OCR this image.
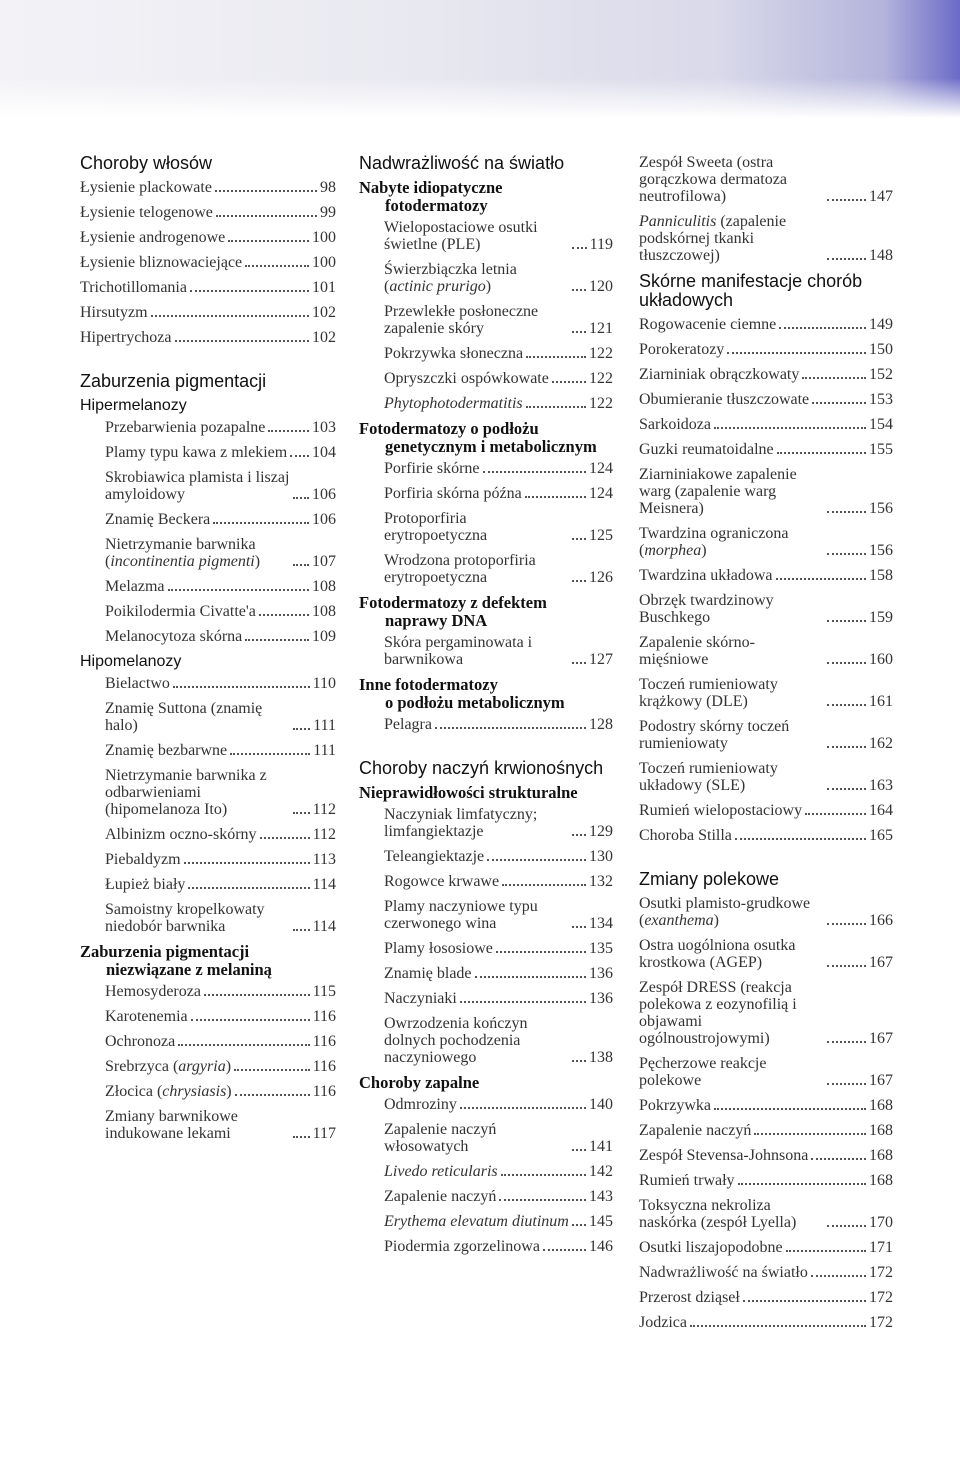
Choroby włosów
Łysienie plackowate	98
Łysienie telogenowe	99
Łysienie androgenowe	100
Łysienie bliznowaciejące	100
Trichotillomania	101
Hirsutyzm	102
Hipertrychoza	102
Zaburzenia pigmentacji
Hipermelanozy
Przebarwienia pozapalne	103
Plamy typu kawa z mlekiem 104
Skrobiawica plamista i liszaj amyloidowy	106
Znamię Beckera	106
Nietrzymanie barwnika (incontinentia pigmenti)	107
Melazma	108
Poikilodermia Civatte'a	108
Melanocytoza skórna	109
Hipomelanozy
Bielactwo	110
Znamię Suttona (znamię halo)	111
Znamię bezbarwne	111
Nietrzymanie barwnika z odbarwieniami (hipomelanoza Ito)	112
Albinizm oczno-skórny	112
Piebaldyzm	113
Łupież biały	114
Samoistny kropelkowaty niedobór barwnika	114
Zaburzenia pigmentacji
niezwiązane z melaniną
Hemosyderoza	115
Karotenemia	116
Ochronoza	116
Srebrzyca (argyria)	116
Złocica (chrysiasis)	116
Zmiany barwnikowe indukowane lekami	117
Nadwrażliwość na światło
Nabyte idiopatyczne
fotodermatozy
Wielopostaciowe osutki świetlne (PLE)	119
Świerzbiączka letnia (actinic prurigo)	120
Przewlekłe posłoneczne zapalenie skóry	121
Pokrzywka słoneczna	122
Opryszczki ospówkowate	122
Phytophotodermatitis	122
Fotodermatozy o podłożu
genetycznym i metabolicznym
Porfirie skórne	124
Porfiria skórna późna	124
Protoporfiria erytropoetyczna	125
Wrodzona protoporfiria erytropoetyczna	126
Fotodermatozy z defektem
naprawy DNA
Skóra pergaminowata i barwnikowa	127
Inne fotodermatozy
o podłożu metabolicznym
Pelagra	128
Choroby naczyń krwionośnych
Nieprawidłowości strukturalne
Naczyniak limfatyczny; limfangiektazje	129
Teleangiektazje	130
Rogowce krwawe	132
Plamy naczyniowe typu czerwonego wina	134
Plamy łososiowe	135
Znamię blade	136
Naczyniaki	136
Owrzodzenia kończyn dolnych pochodzenia naczyniowego	138
Choroby zapalne
Odmroziny	140
Zapalenie naczyń włosowatych	141
Livedo reticularis	142
Zapalenie naczyń	143
Erythema elevatum diutinum 145
Piodermia zgorzelinowa	146
Zespół Sweeta (ostra gorączkowa dermatoza neutrofilowa)	147
Panniculitis (zapalenie podskórnej tkanki tłuszczowej)	148
Skórne manifestacje chorób układowych
Rogowacenie ciemne	149
Porokeratozy	150
Ziarniniak obrączkowaty	152
Obumieranie tłuszczowate	153
Sarkoidoza	154
Guzki reumatoidalne	155
Ziarniniakowe zapalenie warg (zapalenie warg Meisnera)	156
Twardzina ograniczona (morphea)	156
Twardzina układowa	158
Obrzęk twardzinowy Buschkego	159
Zapalenie skórno-mięśniowe	160
Toczeń rumieniowaty krążkowy (DLE)	161
Podostry skórny toczeń rumieniowaty	162
Toczeń rumieniowaty układowy (SLE)	163
Rumień wielopostaciowy	164
Choroba Stilla	165
Zmiany polekowe
Osutki plamisto-grudkowe (exanthema)	166
Ostra uogólniona osutka krostkowa (AGEP)	167
Zespół DRESS (reakcja polekowa z eozynofilią i objawami ogólnoustrojowymi)	167
Pęcherzowe reakcje polekowe	167
Pokrzywka	168
Zapalenie naczyń	168
Zespół Stevensa-Johnsona	168
Rumień trwały	168
Toksyczna nekroliza naskórka (zespół Lyella)	170
Osutki liszajopodobne	171
Nadwrażliwość na światło	172
Przerost dziąseł	172
Jodzica	172
